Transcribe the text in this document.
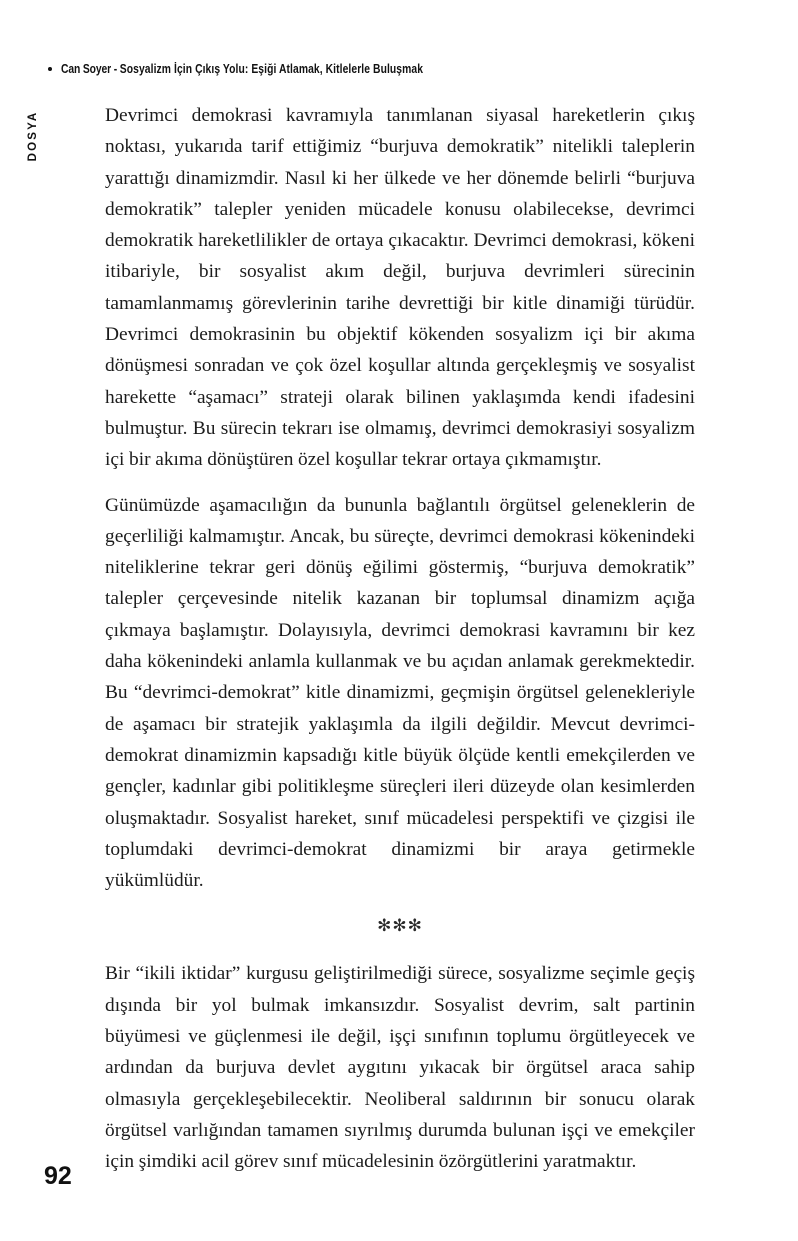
Can Soyer - Sosyalizm İçin Çıkış Yolu: Eşiği Atlamak, Kitlelerle Buluşmak
DOSYA	Devrimci demokrasi kavramıyla tanımlanan siyasal hareketlerin çıkış noktası, yukarıda tarif ettiğimiz “burjuva demokratik” nitelikli taleplerin yarattığı dinamizmdir. Nasıl ki her ülkede ve her dönemde belirli “burjuva demokratik” talepler yeniden mücadele konusu olabilecekse, devrimci demokratik hareketlilikler de ortaya çıkacaktır. Devrimci demokrasi, kökeni itibariyle, bir sosyalist akım değil, burjuva devrimleri sürecinin tamamlanmamış görevlerinin tarihe devrettiği bir kitle dinamiği türüdür. Devrimci demokrasinin bu objektif kökenden sosyalizm içi bir akıma dönüşmesi sonradan ve çok özel koşullar altında gerçekleşmiş ve sosyalist harekette “aşamacı” strateji olarak bilinen yaklaşımda kendi ifadesini bulmuştur. Bu sürecin tekrarı ise olmamış, devrimci demokrasiyi sosyalizm içi bir akıma dönüştüren özel koşullar tekrar ortaya çıkmamıştır.

Günümüzde aşamacılığın da bununla bağlantılı örgütsel geleneklerin de geçerliliği kalmamıştır. Ancak, bu süreçte, devrimci demokrasi kökenindeki niteliklerine tekrar geri dönüş eğilimi göstermiş, “burjuva demokratik” talepler çerçevesinde nitelik kazanan bir toplumsal dinamizm açığa çıkmaya başlamıştır. Dolayısıyla, devrimci demokrasi kavramını bir kez daha kökenindeki anlamla kullanmak ve bu açıdan anlamak gerekmektedir. Bu “devrimci-demokrat” kitle dinamizmi, geçmişin örgütsel gelenekleriyle de aşamacı bir stratejik yaklaşımla da ilgili değildir. Mevcut devrimci-demokrat dinamizmin kapsadığı kitle büyük ölçüde kentli emekçilerden ve gençler, kadınlar gibi politikleşme süreçleri ileri düzeyde olan kesimlerden oluşmaktadır. Sosyalist hareket, sınıf mücadelesi perspektifi ve çizgisi ile toplumdaki devrimci-demokrat dinamizmi bir araya getirmekle yükümlüdür.

✻✻✻

Bir “ikili iktidar” kurgusu geliştirilmediği sürece, sosyalizme seçimle geçiş dışında bir yol bulmak imkansızdır. Sosyalist devrim, salt partinin büyümesi ve güçlenmesi ile değil, işçi sınıfının toplumu örgütleyecek ve ardından da burjuva devlet aygıtını yıkacak bir örgütsel araca sahip olmasıyla gerçekleşebilecektir. Neoliberal saldırının bir sonucu olarak örgütsel varlığından tamamen sıyrılmış durumda bulunan işçi ve emekçiler için şimdiki acil görev sınıf mücadelesinin özörgütlerini yaratmaktır.

92
